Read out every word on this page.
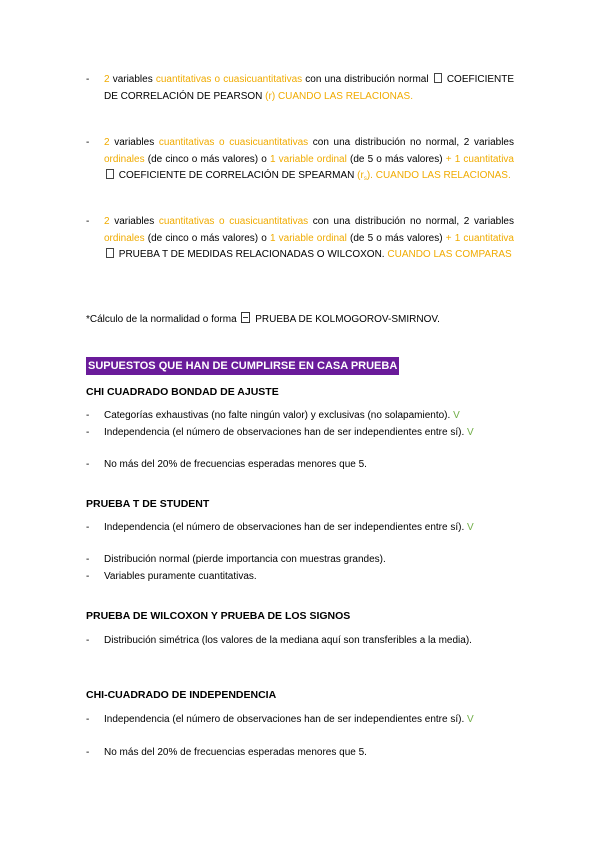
- 2 variables cuantitativas o cuasicuantitativas con una distribución normal COEFICIENTE DE CORRELACIÓN DE PEARSON (r) CUANDO LAS RELACIONAS.
- 2 variables cuantitativas o cuasicuantitativas con una distribución no normal, 2 variables ordinales (de cinco o más valores) o 1 variable ordinal (de 5 o más valores) + 1 cuantitativa  COEFICIENTE DE CORRELACIÓN DE SPEARMAN $(r_s)$. CUANDO LAS RELACIONAS.
- 2 variables cuantitativas o cuasicuantitativas con una distribución no normal, 2 variables ordinales (de cinco o más valores) o 1 variable ordinal (de 5 o más valores) + 1 cuantitativa  PRUEBA T DE MEDIDAS RELACIONADAS O WILCOXON. CUANDO LAS COMPARAS
*Cálculo de la normalidad o forma PRUEBA DE KOLMOGOROV-SMIRNOV.
SUPUESTOS QUE HAN DE CUMPLIRSE EN CASA PRUEBA
CHI CUADRADO BONDAD DE AJUSTE
- Categorías exhaustivas (no falte ningún valor) y exclusivas (no solapamiento). V
- Independencia (el número de observaciones han de ser independientes entre sí). V
- No más del 20% de frecuencias esperadas menores que 5.
PRUEBA T DE STUDENT
- Independencia (el número de observaciones han de ser independientes entre sí). V
- Distribución normal (pierde importancia con muestras grandes).
- Variables puramente cuantitativas.
PRUEBA DE WILCOXON Y PRUEBA DE LOS SIGNOS
- Distribución simétrica (los valores de la mediana aquí son transferibles a la media).
CHI-CUADRADO DE INDEPENDENCIA
- Independencia (el número de observaciones han de ser independientes entre sí). V
- No más del 20% de frecuencias esperadas menores que 5.
